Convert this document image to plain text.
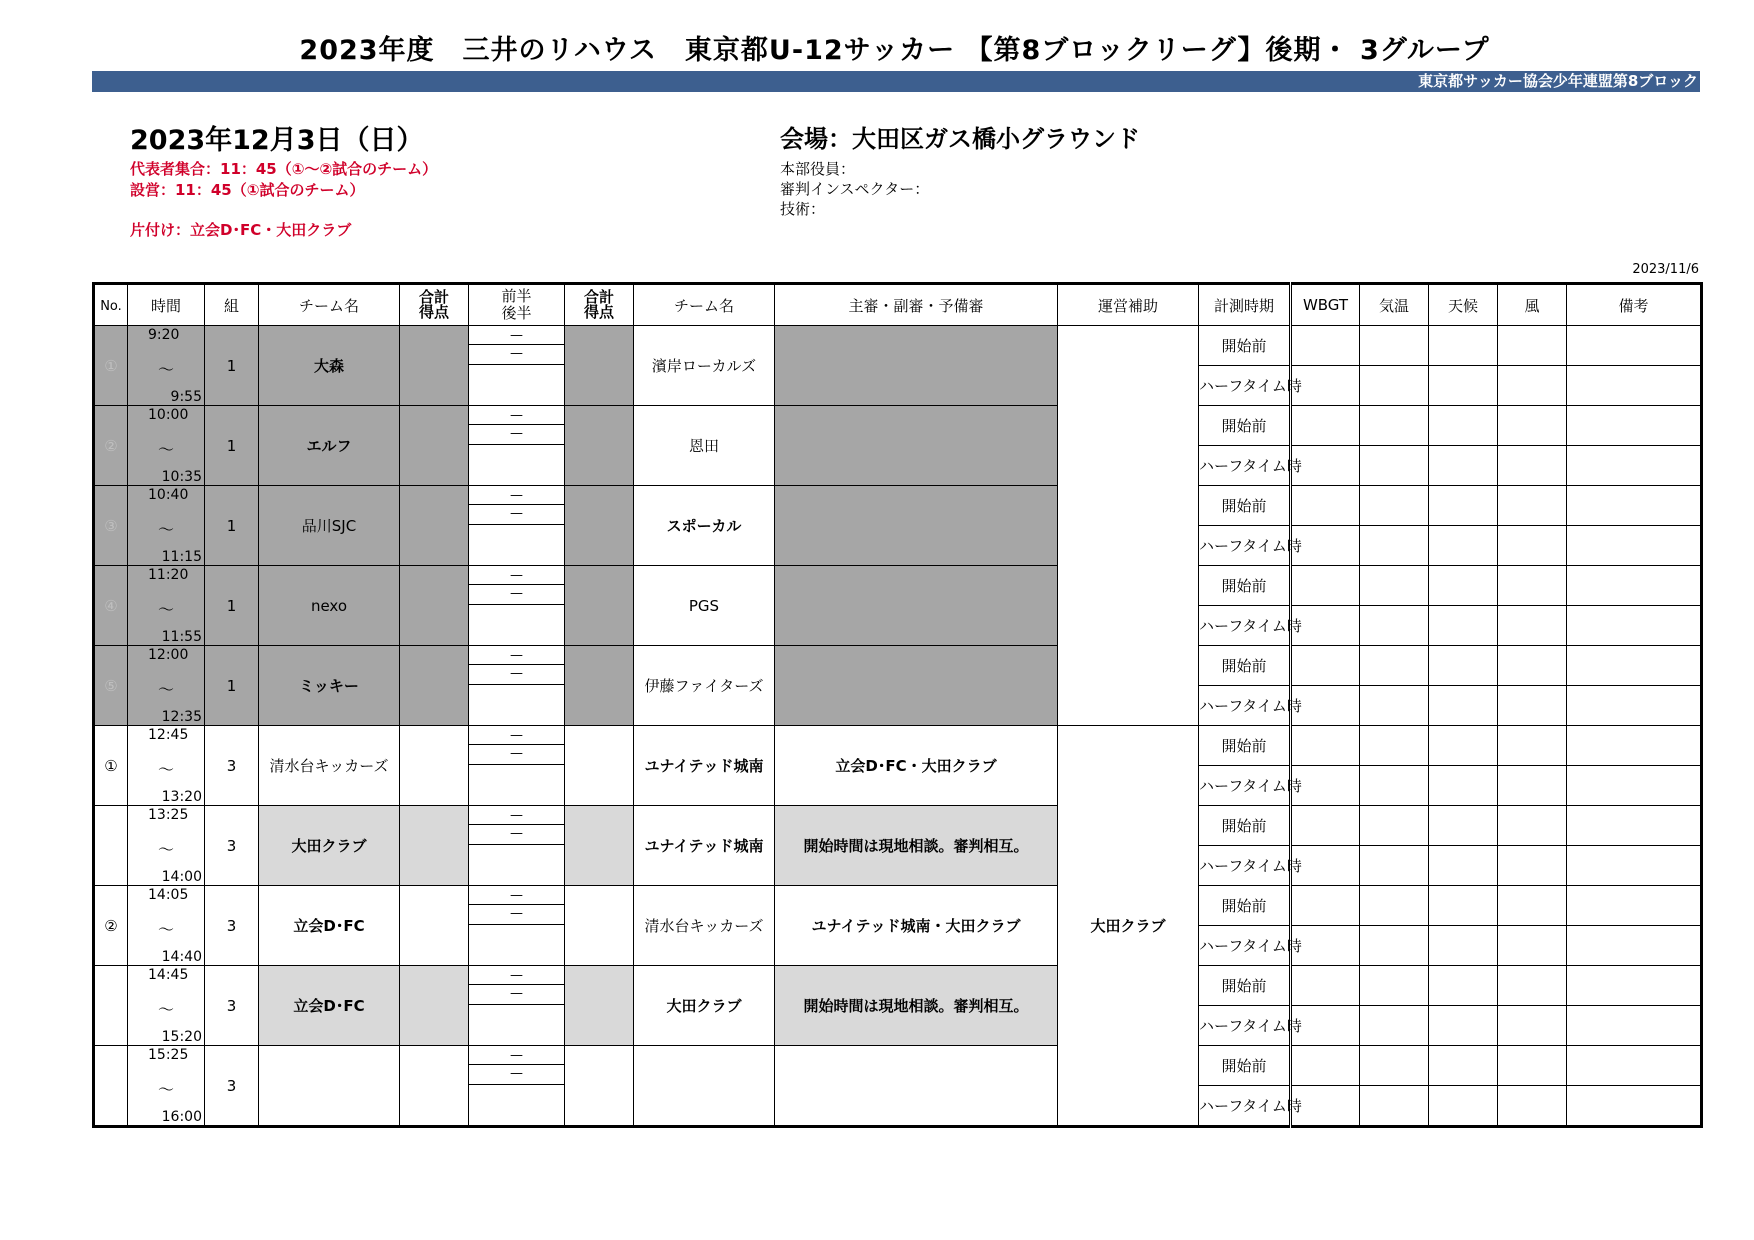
2023年度　三井のリハウス　東京都U-12サッカー 【第8ブロックリーグ】後期・ 3グループ
東京都サッカー協会少年連盟第8ブロック
2023年12月3日（日）
代表者集合：11：45（①～②試合のチーム）
設営：11：45（①試合のチーム）
片付け：立会D･FC・大田クラブ
会場：大田区ガス橋小グラウンド
本部役員：
審判インスペクター：
技術：
2023/11/6
No.	時間	組	チーム名	合計
得点	前半
後半	合計
得点	チーム名	主審・副審・予備審	運営補助	計測時期	WBGT	気温	天候	風	備考
①	9:20
～
9:55	1	大森		—
—		濱岸ローカルズ			開始前					
										ハーフタイム時					
②	10:00
～
10:35	1	エルフ		—
—		恩田			開始前					
										ハーフタイム時					
③	10:40
～
11:15	1	品川SJC		—
—		スポーカル			開始前					
										ハーフタイム時					
④	11:20
～
11:55	1	nexo		—
—		PGS			開始前					
										ハーフタイム時					
⑤	12:00
～
12:35	1	ミッキー		—
—		伊藤ファイターズ			開始前					
										ハーフタイム時					
①	12:45
～
13:20	3	清水台キッカーズ		—
—		ユナイテッド城南	立会D･FC・大田クラブ	大田クラブ	開始前					
										ハーフタイム時					

	13:25
～
14:00	3	大田クラブ		—
—		ユナイテッド城南	開始時間は現地相談。審判相互。		開始前					
										ハーフタイム時					
②	14:05
～
14:40	3	立会D･FC		—
—		清水台キッカーズ	ユナイテッド城南・大田クラブ		開始前					
										ハーフタイム時					

	14:45
～
15:20	3	立会D･FC		—
—		大田クラブ	開始時間は現地相談。審判相互。		開始前					
										ハーフタイム時					

	15:25
～
16:00	3			—
—					開始前					
										ハーフタイム時					
